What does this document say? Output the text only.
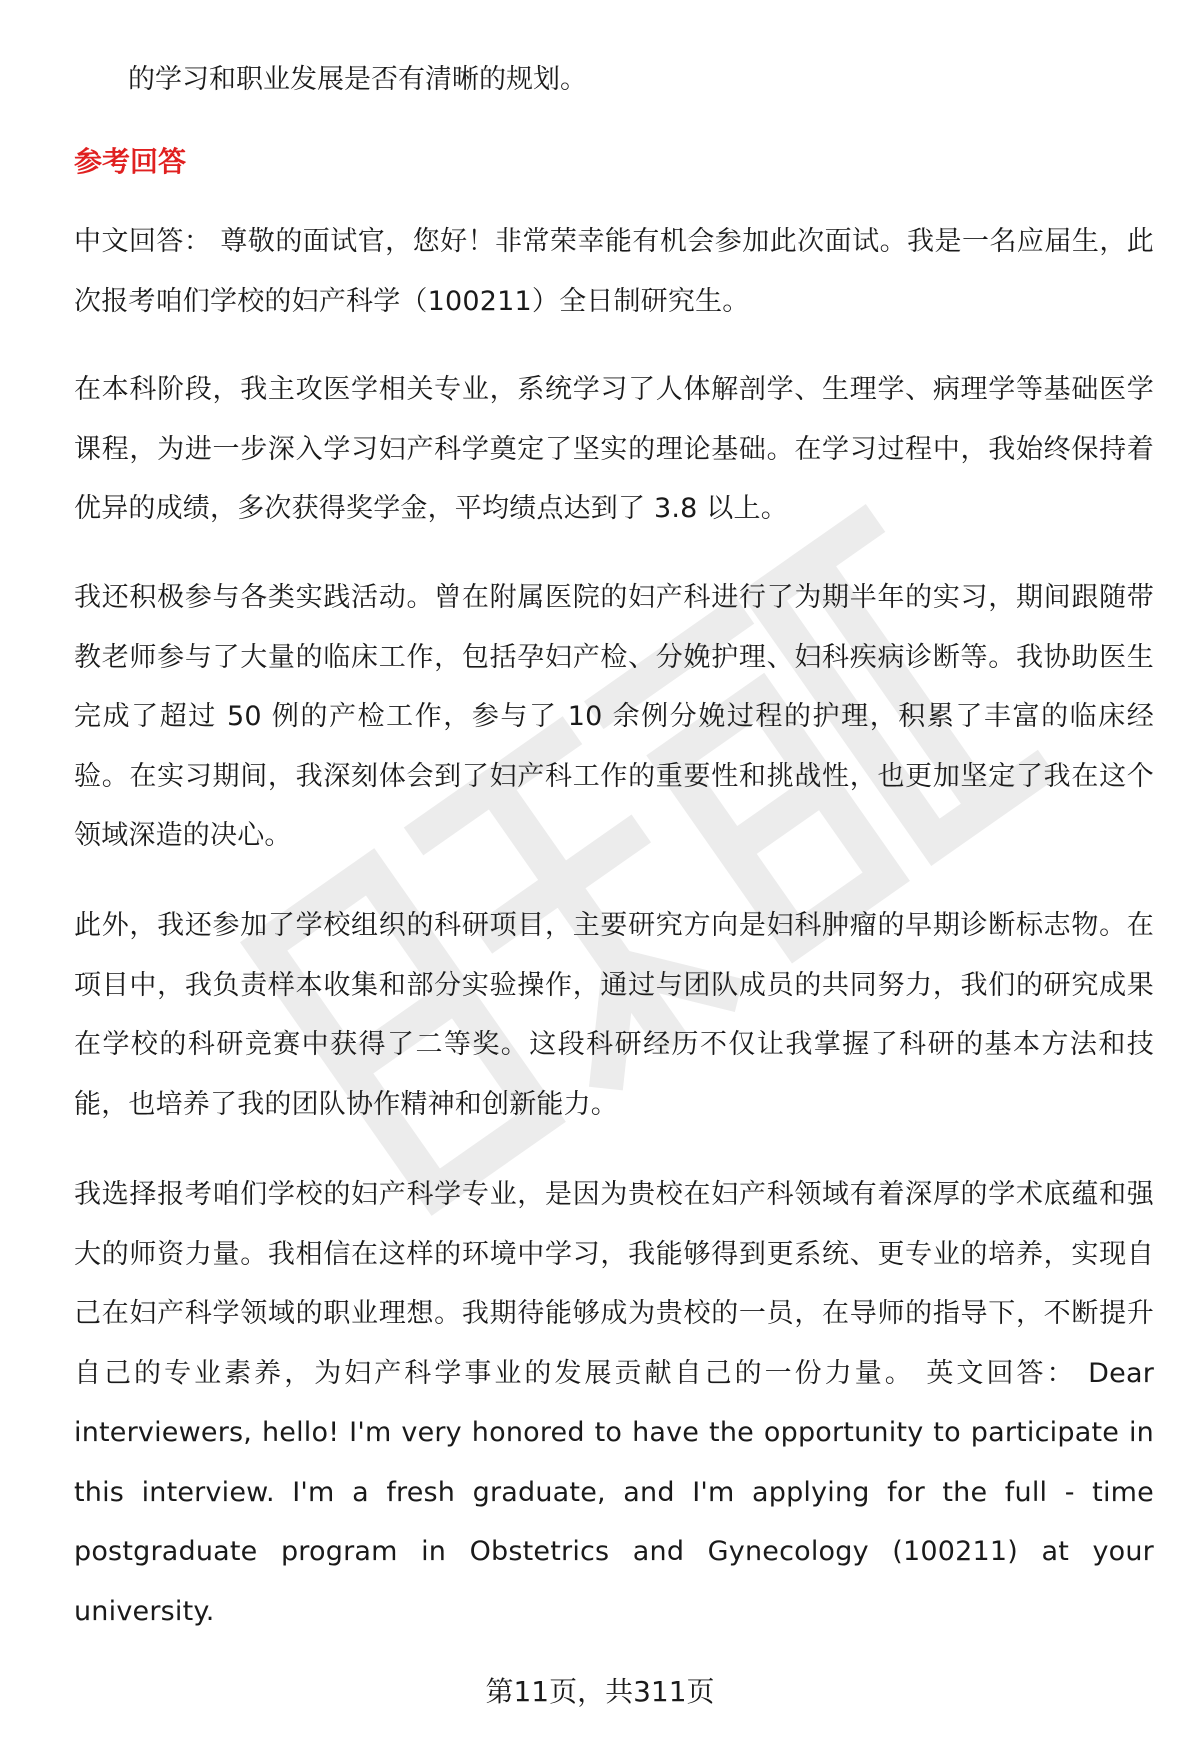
的学习和职业发展是否有清晰的规划。

参考回答

中文回答： 尊敬的面试官，您好！非常荣幸能有机会参加此次面试。我是一名应届生，此次报考咱们学校的妇产科学（100211）全日制研究生。

在本科阶段，我主攻医学相关专业，系统学习了人体解剖学、生理学、病理学等基础医学课程，为进一步深入学习妇产科学奠定了坚实的理论基础。在学习过程中，我始终保持着优异的成绩，多次获得奖学金，平均绩点达到了 3.8 以上。

我还积极参与各类实践活动。曾在附属医院的妇产科进行了为期半年的实习，期间跟随带教老师参与了大量的临床工作，包括孕妇产检、分娩护理、妇科疾病诊断等。我协助医生完成了超过 50 例的产检工作，参与了 10 余例分娩过程的护理，积累了丰富的临床经验。在实习期间，我深刻体会到了妇产科工作的重要性和挑战性，也更加坚定了我在这个领域深造的决心。

此外，我还参加了学校组织的科研项目，主要研究方向是妇科肿瘤的早期诊断标志物。在项目中，我负责样本收集和部分实验操作，通过与团队成员的共同努力，我们的研究成果在学校的科研竞赛中获得了二等奖。这段科研经历不仅让我掌握了科研的基本方法和技能，也培养了我的团队协作精神和创新能力。

我选择报考咱们学校的妇产科学专业，是因为贵校在妇产科领域有着深厚的学术底蕴和强大的师资力量。我相信在这样的环境中学习，我能够得到更系统、更专业的培养，实现自己在妇产科学领域的职业理想。我期待能够成为贵校的一员，在导师的指导下，不断提升自己的专业素养，为妇产科学事业的发展贡献自己的一份力量。 英文回答： Dear interviewers, hello! I'm very honored to have the opportunity to participate in this interview. I'm a fresh graduate, and I'm applying for the full - time postgraduate program in Obstetrics and Gynecology (100211) at your university.

第11页，共311页
